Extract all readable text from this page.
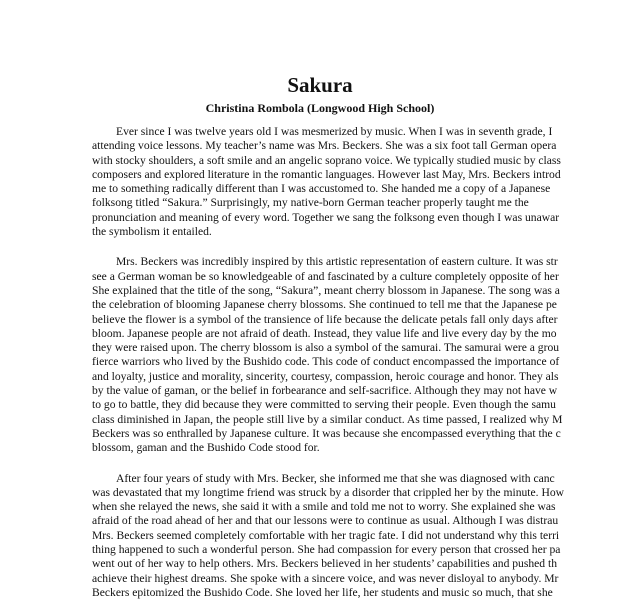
Sakura
Christina Rombola (Longwood High School)
Ever since I was twelve years old I was mesmerized by music. When I was in seventh grade, I
attending voice lessons. My teacher’s name was Mrs. Beckers. She was a six foot tall German opera
with stocky shoulders, a soft smile and an angelic soprano voice. We typically studied music by class
composers and explored literature in the romantic languages. However last May, Mrs. Beckers introd
me to something radically different than I was accustomed to. She handed me a copy of a Japanese
folksong titled “Sakura.” Surprisingly, my native-born German teacher properly taught me the
pronunciation and meaning of every word. Together we sang the folksong even though I was unawar
the symbolism it entailed.
Mrs. Beckers was incredibly inspired by this artistic representation of eastern culture. It was str
see a German woman be so knowledgeable of and fascinated by a culture completely opposite of her
She explained that the title of the song, “Sakura”, meant cherry blossom in Japanese. The song was a
the celebration of blooming Japanese cherry blossoms. She continued to tell me that the Japanese pe
believe the flower is a symbol of the transience of life because the delicate petals fall only days after
bloom. Japanese people are not afraid of death. Instead, they value life and live every day by the mo
they were raised upon. The cherry blossom is also a symbol of the samurai. The samurai were a grou
fierce warriors who lived by the Bushido code. This code of conduct encompassed the importance of
and loyalty, justice and morality, sincerity, courtesy, compassion, heroic courage and honor. They als
by the value of gaman, or the belief in forbearance and self-sacrifice. Although they may not have w
to go to battle, they did because they were committed to serving their people. Even though the samu
class diminished in Japan, the people still live by a similar conduct. As time passed, I realized why M
Beckers was so enthralled by Japanese culture. It was because she encompassed everything that the c
blossom, gaman and the Bushido Code stood for.
After four years of study with Mrs. Becker, she informed me that she was diagnosed with canc
was devastated that my longtime friend was struck by a disorder that crippled her by the minute. How
when she relayed the news, she said it with a smile and told me not to worry. She explained she was
afraid of the road ahead of her and that our lessons were to continue as usual. Although I was distrau
Mrs. Beckers seemed completely comfortable with her tragic fate. I did not understand why this terri
thing happened to such a wonderful person. She had compassion for every person that crossed her pa
went out of her way to help others. Mrs. Beckers believed in her students’ capabilities and pushed th
achieve their highest dreams. She spoke with a sincere voice, and was never disloyal to anybody. Mr
Beckers epitomized the Bushido Code. She loved her life, her students and music so much, that she
